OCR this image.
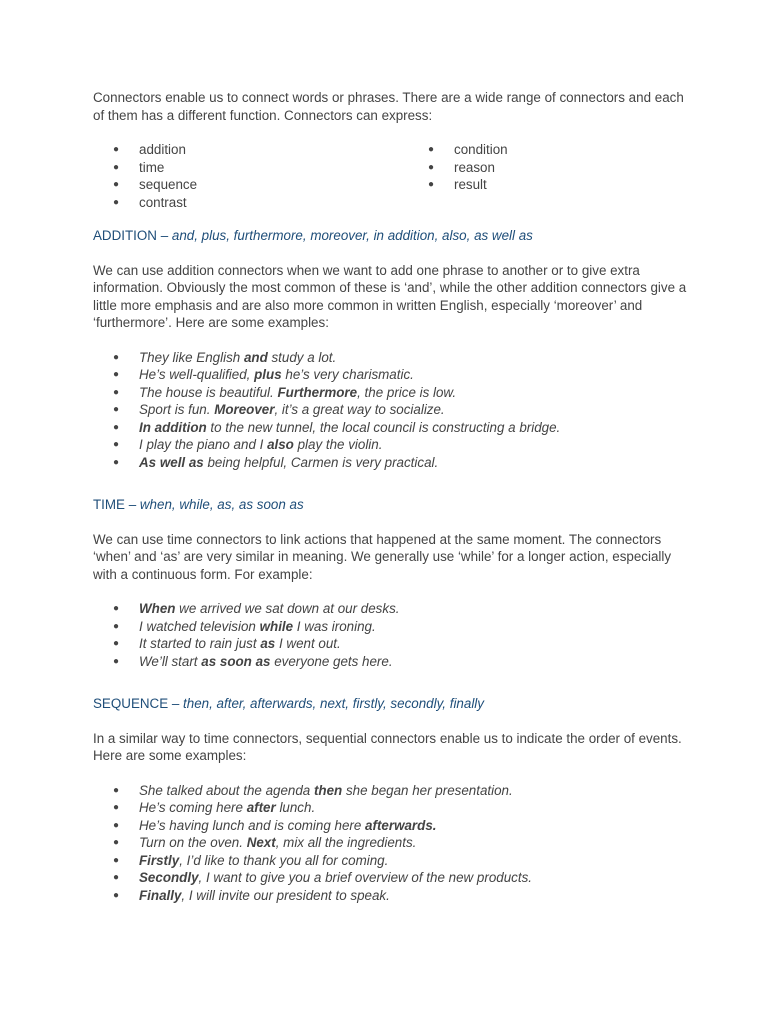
Connectors enable us to connect words or phrases. There are a wide range of connectors and each of them has a different function. Connectors can express:

● addition
● time
● sequence
● contrast
● condition
● reason
● result

ADDITION – and, plus, furthermore, moreover, in addition, also, as well as

We can use addition connectors when we want to add one phrase to another or to give extra information. Obviously the most common of these is ‘and’, while the other addition connectors give a little more emphasis and are also more common in written English, especially ‘moreover’ and ‘furthermore’. Here are some examples:

● They like English and study a lot.
● He’s well-qualified, plus he’s very charismatic.
● The house is beautiful. Furthermore, the price is low.
● Sport is fun. Moreover, it’s a great way to socialize.
● In addition to the new tunnel, the local council is constructing a bridge.
● I play the piano and I also play the violin.
● As well as being helpful, Carmen is very practical.

TIME – when, while, as, as soon as

We can use time connectors to link actions that happened at the same moment. The connectors ‘when’ and ‘as’ are very similar in meaning. We generally use ‘while’ for a longer action, especially with a continuous form. For example:

● When we arrived we sat down at our desks.
● I watched television while I was ironing.
● It started to rain just as I went out.
● We’ll start as soon as everyone gets here.

SEQUENCE – then, after, afterwards, next, firstly, secondly, finally

In a similar way to time connectors, sequential connectors enable us to indicate the order of events. Here are some examples:

● She talked about the agenda then she began her presentation.
● He’s coming here after lunch.
● He’s having lunch and is coming here afterwards.
● Turn on the oven. Next, mix all the ingredients.
● Firstly, I’d like to thank you all for coming.
● Secondly, I want to give you a brief overview of the new products.
● Finally, I will invite our president to speak.
